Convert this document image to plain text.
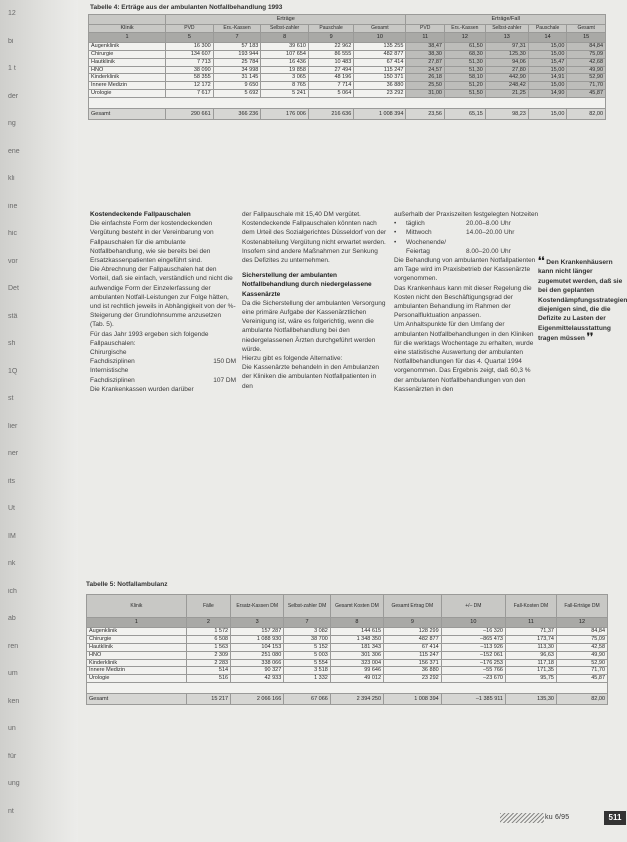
12
bi
1 t
der
ng
ene
kli
ine
hic
vor
Det
stä
sh
1Q
st
lier
ner
its
Ut
IM
nk
ich
ab
ren
um
ken
un
für
ung
nt
Tabelle 4: Erträge aus der ambulanten Notfallbehandlung 1993
	Erträge					Erträge/Fall				
Klinik	PVD	Ers.-Kassen	Selbst-zahler	Pauschale	Gesamt	PVD	Ers.-Kassen	Selbst-zahler	Pauschale	Gesamt
1	5	7	8	9	10	11	12	13	14	15
Augenklinik	16 300	57 183	39 610	22 962	135 255	38,47	61,50	97,31	15,00	84,84
Chirurgie	134 607	193 944	107 654	86 555	482 877	38,30	68,30	125,30	15,00	75,09
Hautklinik	7 713	25 784	16 436	10 483	67 414	27,87	51,30	94,06	15,47	42,68
HNO	38 090	34 998	19 858	27 494	115 247	24,57	51,30	27,80	15,00	49,90
Kinderklinik	58 355	31 145	3 065	48 196	150 371	26,18	58,10	442,90	14,91	52,90
Innere Medizin	12 172	9 650	8 765	7 714	36 880	25,50	51,20	248,42	15,00	71,70
Urologie	7 617	5 692	5 241	5 064	23 292	31,00	51,50	21,25	14,90	45,87

Gesamt	290 661	366 236	176 006	216 636	1 008 394	23,56	65,15	98,23	15,00	82,00

Kostendeckende Fallpauschalen

Die einfachste Form der kostendeckenden Vergütung besteht in der Vereinbarung von Fallpauschalen für die ambulante Notfallbehandlung, wie sie bereits bei den Ersatzkassenpatienten eingeführt sind.

Die Abrechnung der Fallpauschalen hat den Vorteil, daß sie einfach, verständlich und nicht die aufwendige Form der Einzelerfassung der ambulanten Notfall-Leistungen zur Folge hätten, und ist rechtlich jeweils in Abhängigkeit von der %-Steigerung der Grundlohnsumme anzusetzen (Tab. 5).

Für das Jahr 1993 ergeben sich folgende Fallpauschalen:

Chirurgische

Fachdisziplinen	150 DM

Internistische

Fachdisziplinen	107 DM

Die Krankenkassen wurden darüber

der Fallpauschale mit 15,40 DM vergütet.

Kostendeckende Fallpauschalen könnten nach dem Urteil des Sozialgerichtes Düsseldorf von der Kostenabteilung Vergütung nicht erwartet werden. Insofern sind andere Maßnahmen zur Senkung des Defizites zu unternehmen.

Sicherstellung der ambulanten Notfallbehandlung durch niedergelassene Kassenärzte

Da die Sicherstellung der ambulanten Versorgung eine primäre Aufgabe der Kassenärztlichen Vereinigung ist, wäre es folgerichtig, wenn die ambulante Notfallbehandlung bei den niedergelassenen Ärzten durchgeführt werden würde.

Hierzu gibt es folgende Alternative:

Die Kassenärzte behandeln in den Ambulanzen der Kliniken die ambulanten Notfallpatienten in den

außerhalb der Praxiszeiten festgelegten Notzeiten

•	täglich	20.00–8.00 Uhr
•	Mittwoch	14.00–20.00 Uhr
•	Wochenende/
Feiertag	8.00–20.00 Uhr

Die Behandlung von ambulanten Notfallpatienten am Tage wird im Praxisbetrieb der Kassenärzte vorgenommen.

Das Krankenhaus kann mit dieser Regelung die Kosten nicht den Beschäftigungsgrad der ambulanten Behandlung im Rahmen der Personalfluktuation anpassen.

Um Anhaltspunkte für den Umfang der ambulanten Notfallbehandlungen in den Kliniken für die werktags Wochentage zu erhalten, wurde eine statistische Auswertung der ambulanten Notfallbehandlungen für das 4. Quartal 1994 vorgenommen. Das Ergebnis zeigt, daß 60,3 % der ambulanten Notfallbehandlungen von den Kassenärzten in den

Tabelle 5: Notfallambulanz
Klinik	Fälle	Ersatz-Kassen DM	Selbst-zahler DM	Gesamt Kosten DM	Gesamt Ertrag DM	+/– DM	Fall-Kosten DM	Fall-Erträge DM
1	2	3	7	8	9	10	11	12
Augenklinik	1 572	157 287	3 082	144 615	128 299	–16 320	71,37	84,84
Chirurgie	6 508	1 088 930	38 700	1 348 350	482 877	–865 473	173,74	75,09
Hautklinik	1 563	104 153	5 152	181 343	67 414	–113 926	113,30	42,58
HNO	2 309	251 080	5 003	301 306	115 247	–152 061	96,63	49,90
Kinderklinik	2 283	338 066	5 554	323 004	156 371	–176 253	117,18	52,90
Innere Medizin	514	90 327	3 518	99 646	36 880	–55 766	171,35	71,70
Urologie	516	42 933	1 332	49 012	23 292	–23 670	95,75	45,87

Gesamt	15 217	2 066 166	67 066	2 394 250	1 008 394	–1 385 911	135,30	82,00
❛❛ Den Krankenhäusern kann nicht länger zugemutet werden, daß sie bei den geplanten Kostendämpfungsstrategien diejenigen sind, die die Defizite zu Lasten der Eigenmittelausstattung tragen müssen ❜❜
ku 6/95	511
